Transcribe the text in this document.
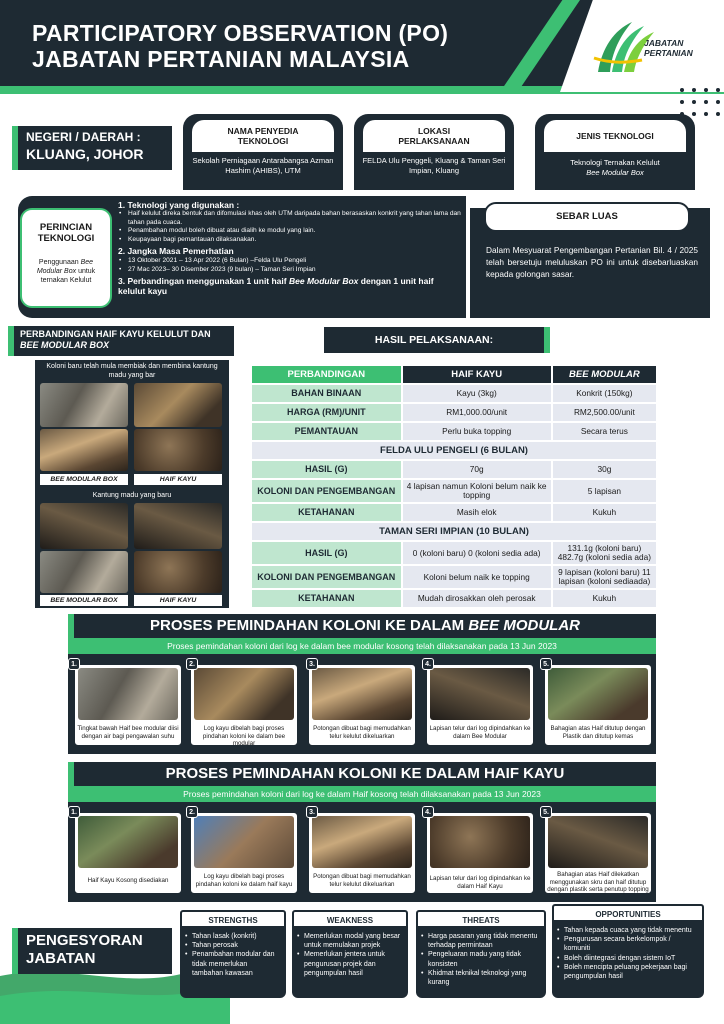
PARTICIPATORY OBSERVATION (PO)
JABATAN PERTANIAN MALAYSIA
JABATAN
PERTANIAN
NEGERI / DAERAH :
KLUANG, JOHOR
NAMA PENYEDIA TEKNOLOGI
Sekolah Perniagaan Antarabangsa Azman Hashim (AHIBS), UTM
LOKASI PERLAKSANAAN
FELDA Ulu Penggeli, Kluang & Taman Seri Impian, Kluang
JENIS TEKNOLOGI
Teknologi Ternakan Kelulut
Bee Modular Box
PERINCIAN TEKNOLOGI
Penggunaan Bee Modular Box untuk ternakan Kelulut
1. Teknologi yang digunakan :
• Haif kelulut direka bentuk dan difomulasi khas oleh UTM daripada bahan berasaskan konkrit yang tahan lama dan tahan pada cuaca.
• Penambahan modul boleh dibuat atau dialih ke modul yang lain.
• Keupayaan bagi pemantauan dilaksanakan.
2. Jangka Masa Pemerhatian
• 13 Oktober 2021 – 13 Apr 2022 (6 Bulan) –Felda Ulu Pengeli
• 27 Mac 2023– 30 Disember 2023 (9 bulan) – Taman Seri Impian
3. Perbandingan menggunakan 1 unit haif Bee Modular Box dengan 1 unit haif kelulut kayu
SEBAR LUAS
Dalam Mesyuarat Pengembangan Pertanian Bil. 4 / 2025 telah bersetuju meluluskan PO ini untuk disebarluaskan kepada golongan sasar.
PERBANDINGAN HAIF KAYU KELULUT DAN BEE MODULAR BOX
Koloni baru telah mula membiak dan membina kantung madu yang bar
BEE MODULAR BOX	HAIF KAYU
Kantung madu yang baru
BEE MODULAR BOX	HAIF KAYU
HASIL PELAKSANAAN:
PERBANDINGAN	HAIF KAYU	BEE MODULAR
BAHAN BINAAN	Kayu (3kg)	Konkrit (150kg)
HARGA (RM)/UNIT	RM1,000.00/unit	RM2,500.00/unit
PEMANTAUAN	Perlu buka topping	Secara terus
FELDA ULU PENGELI (6 BULAN)		
HASIL (G)	70g	30g
KOLONI DAN PENGEMBANGAN	4 lapisan namun Koloni belum naik ke topping	5 lapisan
KETAHANAN	Masih elok	Kukuh
TAMAN SERI IMPIAN (10 BULAN)		
HASIL (G)	0 (koloni baru) 0 (koloni sedia ada)	131.1g (koloni baru) 482.7g (koloni sedia ada)
KOLONI DAN PENGEMBANGAN	Koloni belum naik ke topping	9 lapisan (koloni baru) 11 lapisan (koloni sediaada)
KETAHANAN	Mudah dirosakkan oleh perosak	Kukuh
PROSES PEMINDAHAN KOLONI KE DALAM BEE MODULAR
Proses pemindahan koloni dari log ke dalam bee modular kosong telah dilaksanakan pada 13 Jun 2023
Tingkat bawah Haif bee modular diisi dengan air bagi pengawalan suhu
1.
Log kayu dibelah bagi proses pindahan koloni ke dalam bee modular
2.
Potongan dibuat bagi memudahkan telur kelulut dikeluarkan
3.
Lapisan telur dari log dipindahkan ke dalam Bee Modular
4.
Bahagian atas Haif ditutup dengan Plastik dan ditutup kemas
5.
PROSES PEMINDAHAN KOLONI KE DALAM HAIF KAYU
Proses pemindahan koloni dari log ke dalam Haif kosong telah dilaksanakan pada 13 Jun 2023
Haif Kayu Kosong disediakan
1.
Log kayu dibelah bagi proses pindahan koloni ke dalam haif kayu
2.
Potongan dibuat bagi memudahkan telur kelulut dikeluarkan
3.
Lapisan telur dari log dipindahkan ke dalam Haif Kayu
4.
Bahagian atas Haif dilekatkan menggunakan skru dan haif ditutup dengan plastik serta penutup topping
5.
PENGESYORAN
JABATAN
STRENGTHS
• Tahan lasak (konkrit)
• Tahan perosak
• Penambahan modular dan tidak memerlukan tambahan kawasan
WEAKNESS
• Memerlukan modal yang besar untuk memulakan projek
• Memerlukan jentera untuk pengurusan projek dan pengumpulan hasil
THREATS
• Harga pasaran yang tidak menentu terhadap permintaan
• Pengeluaran madu yang tidak konsisten
• Khidmat teknikal teknologi yang kurang
OPPORTUNITIES
• Tahan kepada cuaca yang tidak menentu
• Pengurusan secara berkelompok / komuniti
• Boleh diintegrasi dengan sistem IoT
• Boleh mencipta peluang pekerjaan bagi pengumpulan hasil
